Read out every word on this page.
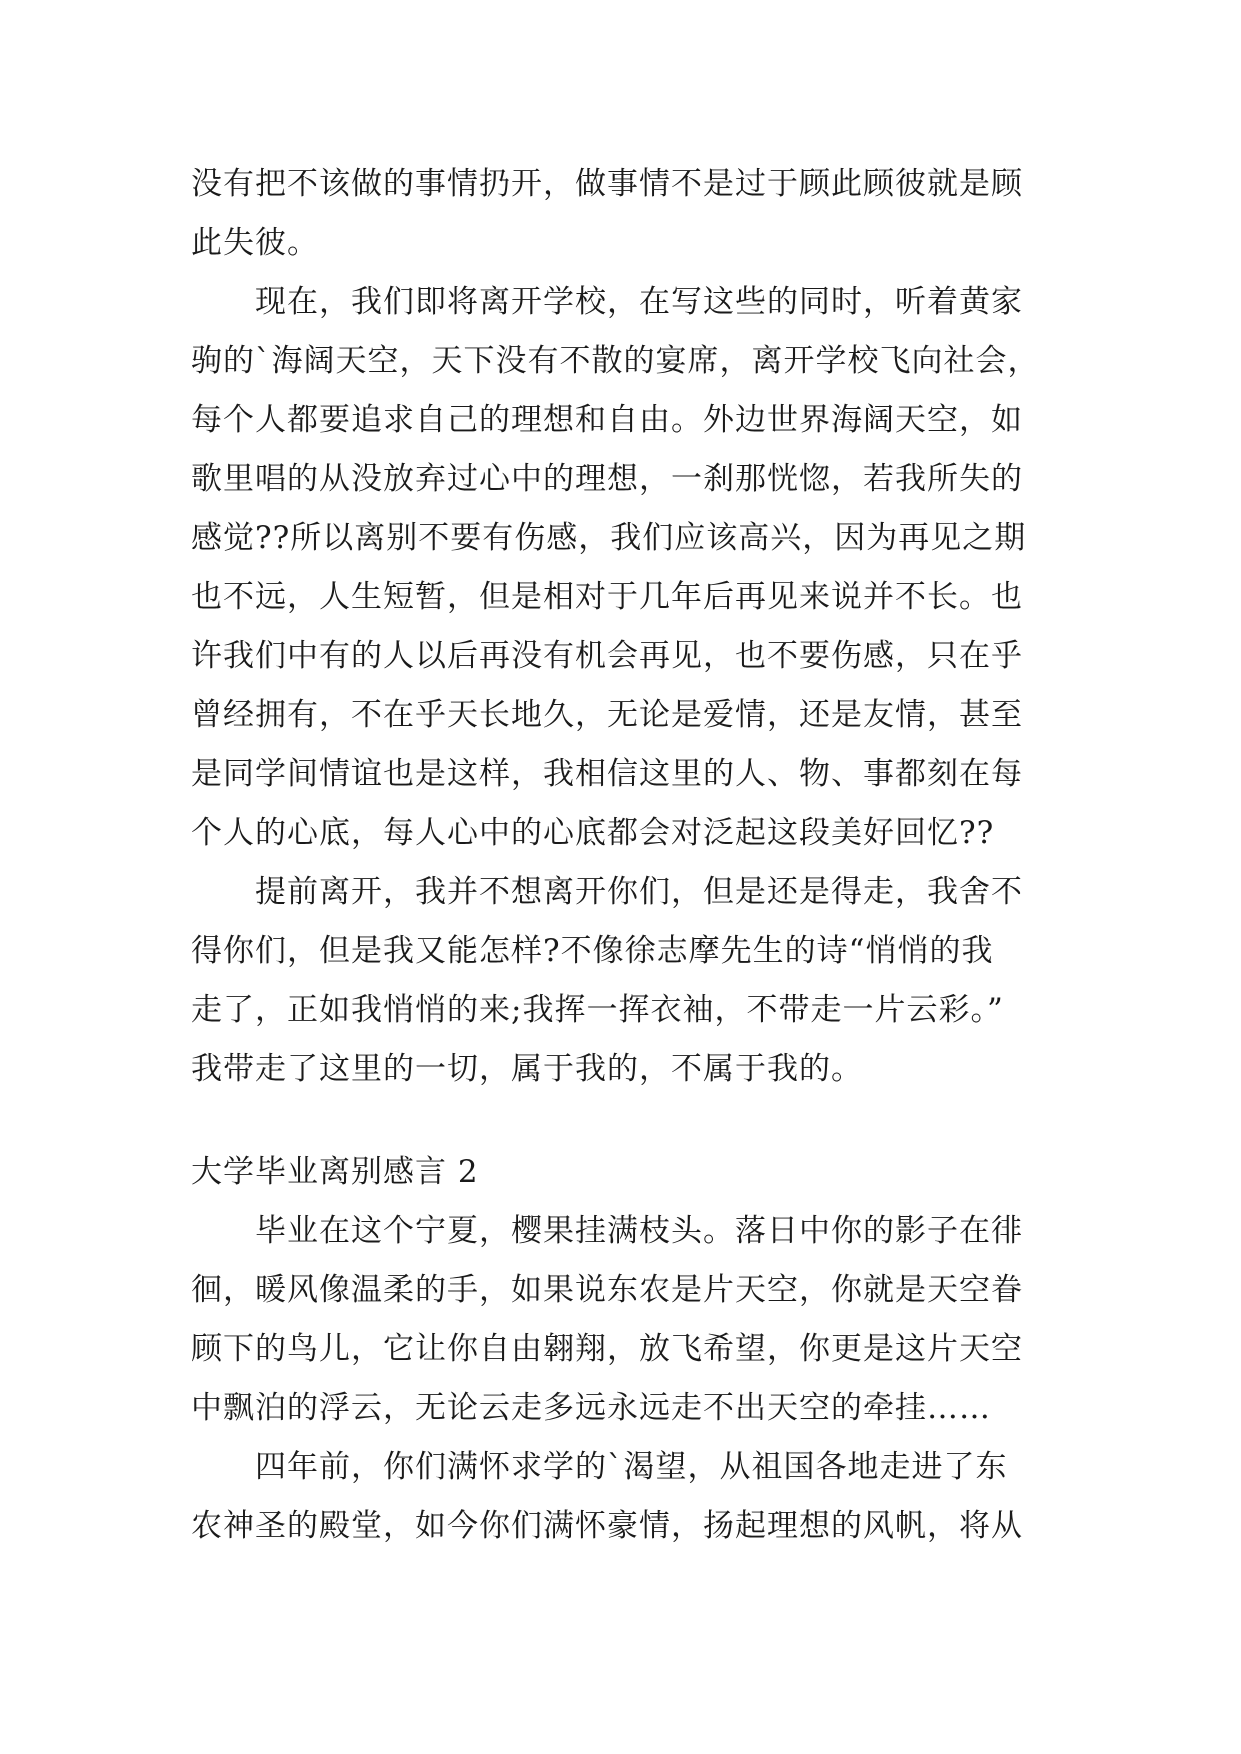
没有把不该做的事情扔开，做事情不是过于顾此顾彼就是顾
此失彼。
现在，我们即将离开学校，在写这些的同时，听着黄家
驹的`海阔天空，天下没有不散的宴席，离开学校飞向社会，
每个人都要追求自己的理想和自由。外边世界海阔天空，如
歌里唱的从没放弃过心中的理想，一刹那恍惚，若我所失的
感觉??所以离别不要有伤感，我们应该高兴，因为再见之期
也不远，人生短暂，但是相对于几年后再见来说并不长。也
许我们中有的人以后再没有机会再见，也不要伤感，只在乎
曾经拥有，不在乎天长地久，无论是爱情，还是友情，甚至
是同学间情谊也是这样，我相信这里的人、物、事都刻在每
个人的心底，每人心中的心底都会对泛起这段美好回忆??
提前离开，我并不想离开你们，但是还是得走，我舍不
得你们，但是我又能怎样?不像徐志摩先生的诗“悄悄的我
走了，正如我悄悄的来;我挥一挥衣袖，不带走一片云彩。”
我带走了这里的一切，属于我的，不属于我的。
大学毕业离别感言 2
毕业在这个宁夏，樱果挂满枝头。落日中你的影子在徘
徊，暖风像温柔的手，如果说东农是片天空，你就是天空眷
顾下的鸟儿，它让你自由翱翔，放飞希望，你更是这片天空
中飘泊的浮云，无论云走多远永远走不出天空的牵挂……
四年前，你们满怀求学的`渴望，从祖国各地走进了东
农神圣的殿堂，如今你们满怀豪情，扬起理想的风帆，将从
